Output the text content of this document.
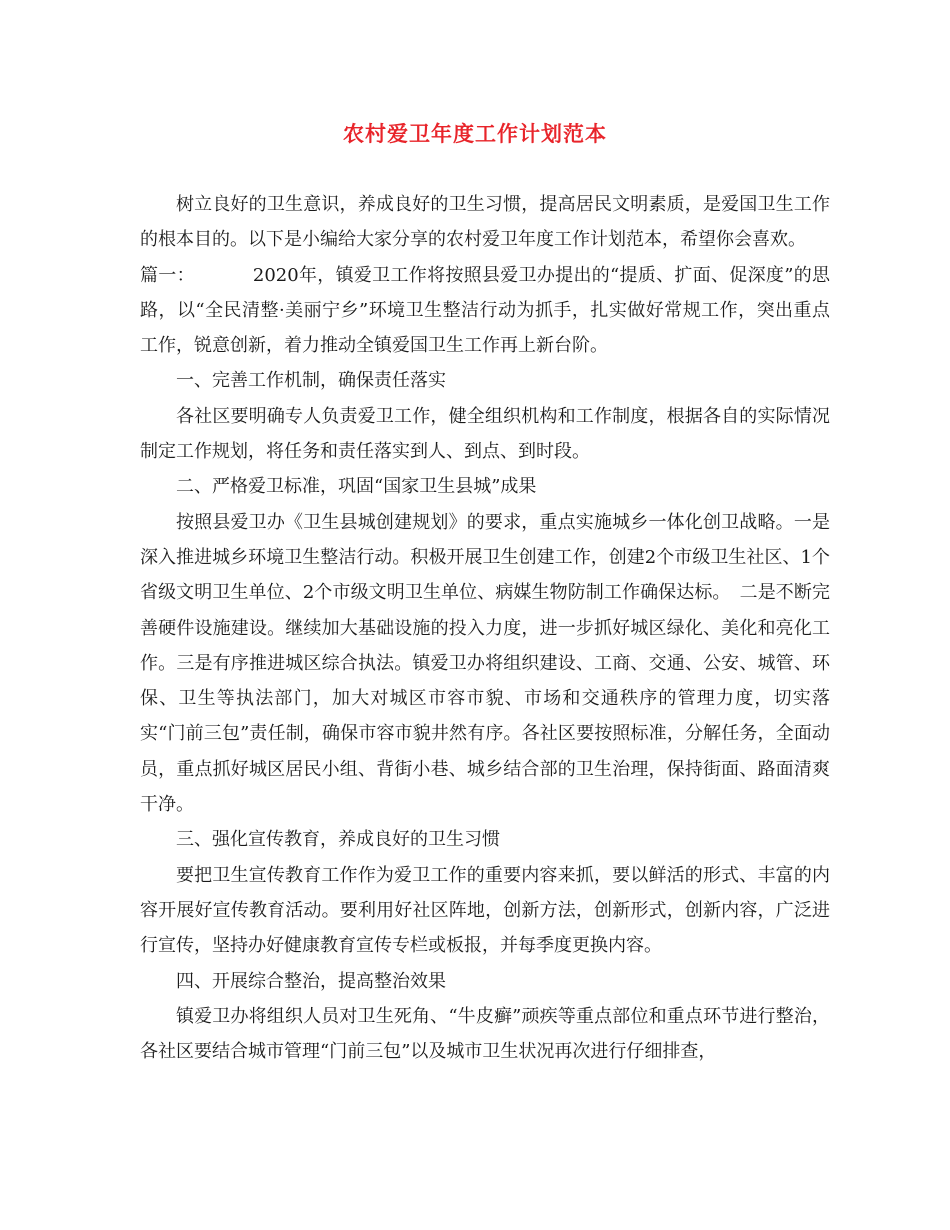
农村爱卫年度工作计划范本

树立良好的卫生意识，养成良好的卫生习惯，提高居民文明素质，是爱国卫生工作的根本目的。以下是小编给大家分享的农村爱卫年度工作计划范本，希望你会喜欢。

篇一：	2020年，镇爱卫工作将按照县爱卫办提出的“提质、扩面、促深度”的思路，以“全民清整·美丽宁乡”环境卫生整洁行动为抓手，扎实做好常规工作，突出重点工作，锐意创新，着力推动全镇爱国卫生工作再上新台阶。

一、完善工作机制，确保责任落实

各社区要明确专人负责爱卫工作，健全组织机构和工作制度，根据各自的实际情况制定工作规划，将任务和责任落实到人、到点、到时段。

二、严格爱卫标准，巩固“国家卫生县城”成果

按照县爱卫办《卫生县城创建规划》的要求，重点实施城乡一体化创卫战略。一是深入推进城乡环境卫生整洁行动。积极开展卫生创建工作，创建2个市级卫生社区、1个省级文明卫生单位、2个市级文明卫生单位、病媒生物防制工作确保达标。　二是不断完善硬件设施建设。继续加大基础设施的投入力度，进一步抓好城区绿化、美化和亮化工作。三是有序推进城区综合执法。镇爱卫办将组织建设、工商、交通、公安、城管、环保、卫生等执法部门，加大对城区市容市貌、市场和交通秩序的管理力度，切实落实“门前三包”责任制，确保市容市貌井然有序。各社区要按照标准，分解任务，全面动员，重点抓好城区居民小组、背街小巷、城乡结合部的卫生治理，保持街面、路面清爽干净。

三、强化宣传教育，养成良好的卫生习惯

要把卫生宣传教育工作作为爱卫工作的重要内容来抓，要以鲜活的形式、丰富的内容开展好宣传教育活动。要利用好社区阵地，创新方法，创新形式，创新内容，广泛进行宣传，坚持办好健康教育宣传专栏或板报，并每季度更换内容。

四、开展综合整治，提高整治效果

镇爱卫办将组织人员对卫生死角、“牛皮癣”顽疾等重点部位和重点环节进行整治，各社区要结合城市管理“门前三包”以及城市卫生状况再次进行仔细排查，
